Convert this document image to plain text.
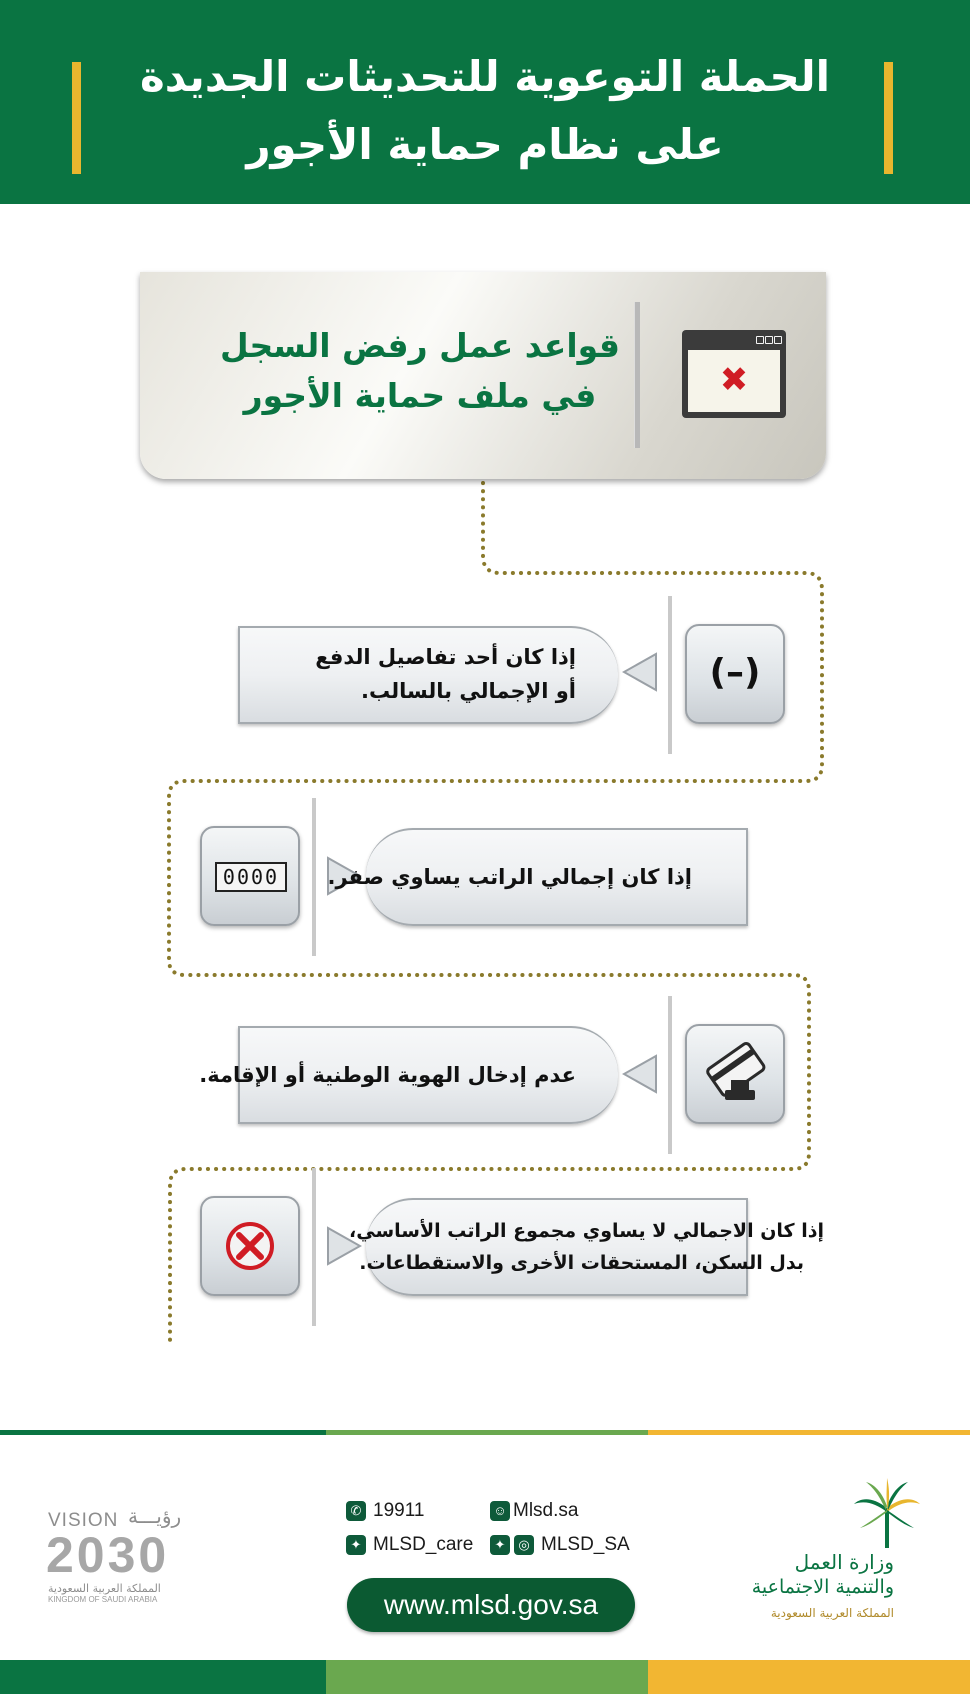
الحملة التوعوية للتحديثات الجديدة
على نظام حماية الأجور
قواعد عمل رفض السجل
في ملف حماية الأجور	✖
إذا كان أحد تفاصيل الدفع
أو الإجمالي بالسالب.	(–)
0000	إذا كان إجمالي الراتب يساوي صفر.
عدم إدخال الهوية الوطنية أو الإقامة.
إذا كان الاجمالي لا يساوي مجموع الراتب الأساسي،
بدل السكن، المستحقات الأخرى والاستقطاعات.
VISION رؤيـــة
2030
المملكة العربية السعودية
KINGDOM OF SAUDI ARABIA
✆ 19911
✦ MLSD_care
☺ Mlsd.sa
✦ ◎ MLSD_SA
www.mlsd.gov.sa
وزارة العمل
والتنمية الاجتماعية
المملكة العربية السعودية
